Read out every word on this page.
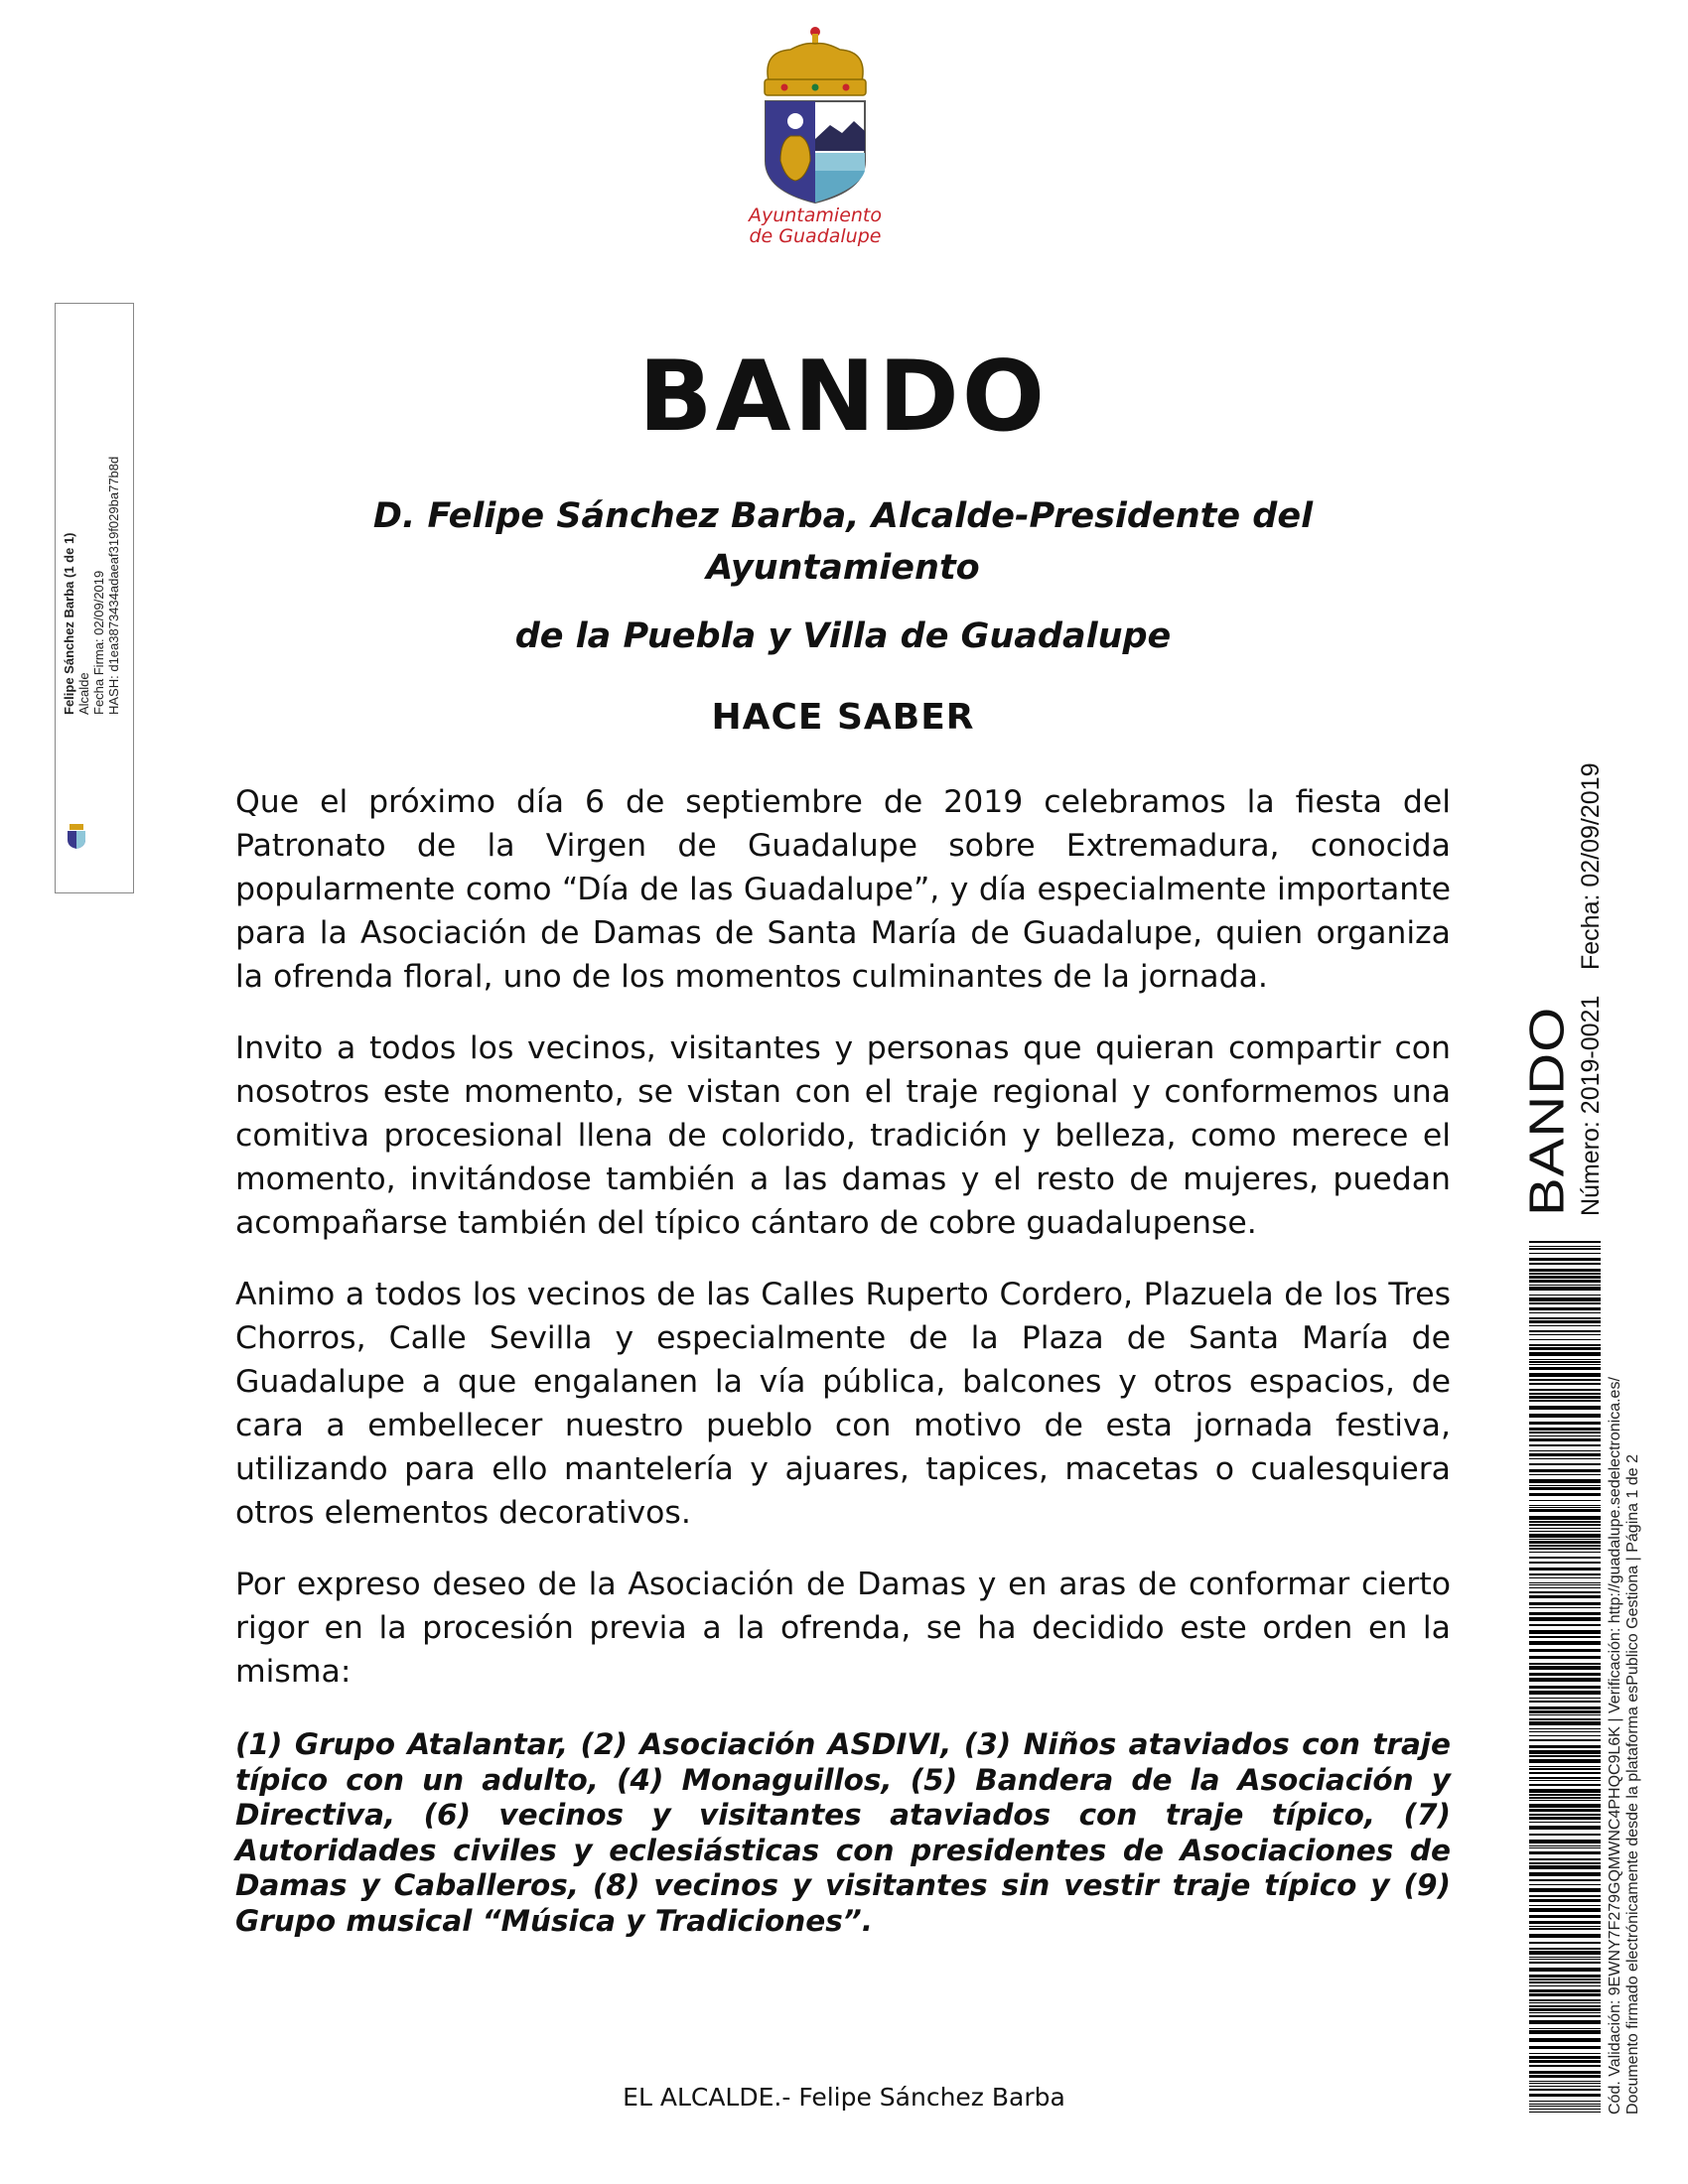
Ayuntamiento
de Guadalupe
Felipe Sánchez Barba (1 de 1) Alcalde Fecha Firma: 02/09/2019 HASH: d1ea3873434adaeaf319f029ba77b8d
BANDO
D. Felipe Sánchez Barba, Alcalde-Presidente del
Ayuntamiento
de la Puebla y Villa de Guadalupe
HACE SABER

Que el próximo día 6 de septiembre de 2019 celebramos la fiesta del Patronato de la Virgen de Guadalupe sobre Extremadura, conocida popularmente como “Día de las Guadalupe”, y día especialmente importante para la Asociación de Damas de Santa María de Guadalupe, quien organiza la ofrenda floral, uno de los momentos culminantes de la jornada.

Invito a todos los vecinos, visitantes y personas que quieran compartir con nosotros este momento, se vistan con el traje regional y conformemos una comitiva procesional llena de colorido, tradición y belleza, como merece el momento, invitándose también a las damas y el resto de mujeres, puedan acompañarse también del típico cántaro de cobre guadalupense.

Animo a todos los vecinos de las Calles Ruperto Cordero, Plazuela de los Tres Chorros, Calle Sevilla y especialmente de la Plaza de Santa María de Guadalupe a que engalanen la vía pública, balcones y otros espacios, de cara a embellecer nuestro pueblo con motivo de esta jornada festiva, utilizando para ello mantelería y ajuares, tapices, macetas o cualesquiera otros elementos decorativos.

Por expreso deseo de la Asociación de Damas y en aras de conformar cierto rigor en la procesión previa a la ofrenda, se ha decidido este orden en la misma:

(1) Grupo Atalantar, (2) Asociación ASDIVI, (3) Niños ataviados con traje típico con un adulto, (4) Monaguillos, (5) Bandera de la Asociación y Directiva, (6) vecinos y visitantes ataviados con traje típico, (7) Autoridades civiles y eclesiásticas con presidentes de Asociaciones de Damas y Caballeros, (8) vecinos y visitantes sin vestir traje típico y (9) Grupo musical “Música y Tradiciones”.

EL ALCALDE.- Felipe Sánchez Barba
BANDO Número: 2019-0021
Fecha: 02/09/2019
Cód. Validación: 9EWNY7F279GQMWNC4PHQC9L6K | Verificación: http://guadalupe.sedelectronica.es/ Documento firmado electrónicamente desde la plataforma esPublico Gestiona | Página 1 de 2
